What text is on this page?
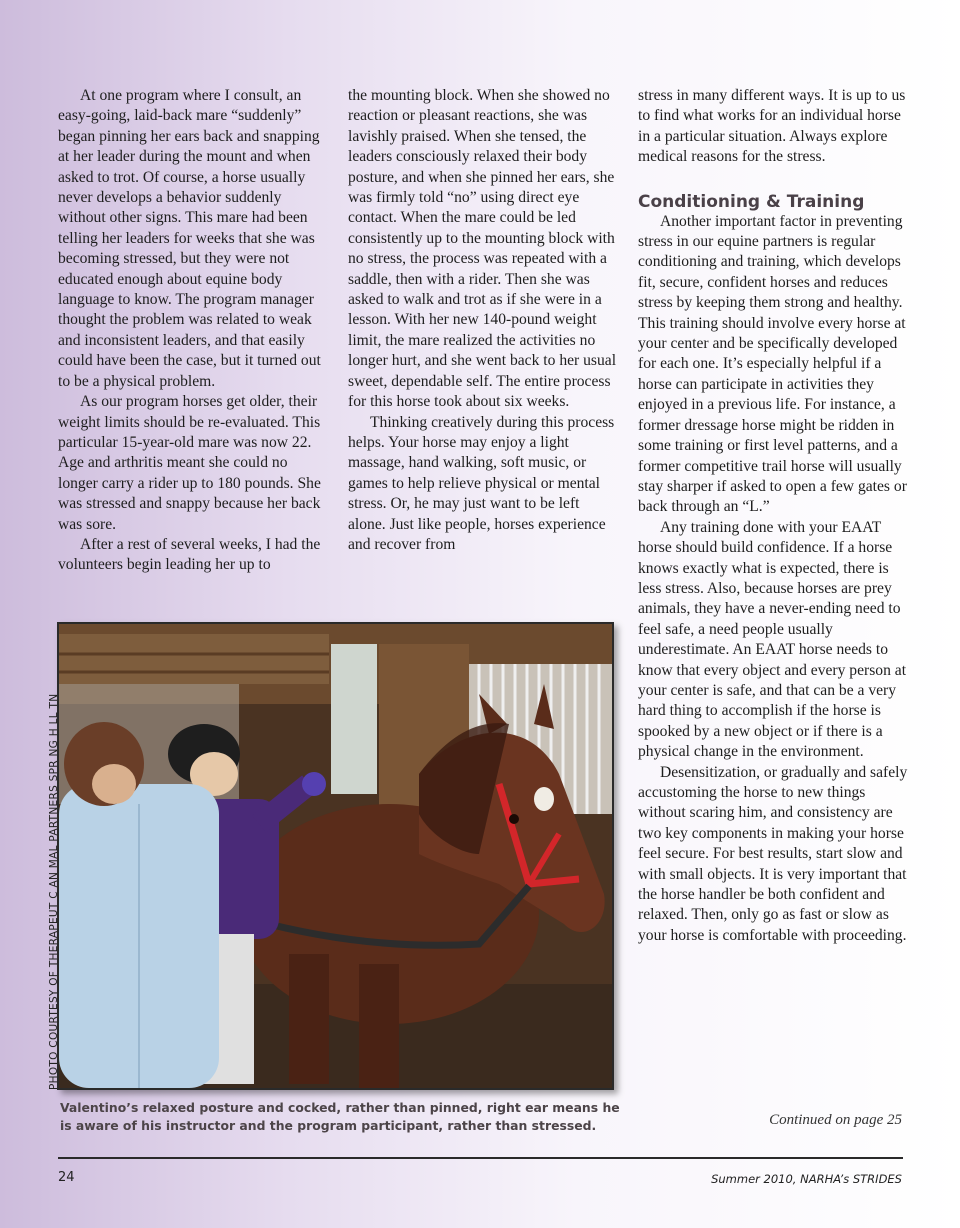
At one program where I consult, an easy-going, laid-back mare “suddenly” began pinning her ears back and snapping at her leader during the mount and when asked to trot. Of course, a horse usually never develops a behavior suddenly without other signs. This mare had been telling her leaders for weeks that she was becoming stressed, but they were not educated enough about equine body language to know. The program manager thought the problem was related to weak and inconsistent leaders, and that easily could have been the case, but it turned out to be a physical problem.

As our program horses get older, their weight limits should be re-evaluated. This particular 15-year-old mare was now 22. Age and arthritis meant she could no longer carry a rider up to 180 pounds. She was stressed and snappy because her back was sore.

After a rest of several weeks, I had the volunteers begin leading her up to

the mounting block. When she showed no reaction or pleasant reactions, she was lavishly praised. When she tensed, the leaders consciously relaxed their body posture, and when she pinned her ears, she was firmly told “no” using direct eye contact. When the mare could be led consistently up to the mounting block with no stress, the process was repeated with a saddle, then with a rider. Then she was asked to walk and trot as if she were in a lesson. With her new 140-pound weight limit, the mare realized the activities no longer hurt, and she went back to her usual sweet, dependable self. The entire process for this horse took about six weeks.

Thinking creatively during this process helps. Your horse may enjoy a light massage, hand walking, soft music, or games to help relieve physical or mental stress. Or, he may just want to be left alone. Just like people, horses experience and recover from

stress in many different ways. It is up to us to find what works for an individual horse in a particular situation. Always explore medical reasons for the stress.

Conditioning & Training

Another important factor in preventing stress in our equine partners is regular conditioning and training, which develops fit, secure, confident horses and reduces stress by keeping them strong and healthy. This training should involve every horse at your center and be specifically developed for each one. It’s especially helpful if a horse can participate in activities they enjoyed in a previous life. For instance, a former dressage horse might be ridden in some training or first level patterns, and a former competitive trail horse will usually stay sharper if asked to open a few gates or back through an “L.”

Any training done with your EAAT horse should build confidence. If a horse knows exactly what is expected, there is less stress. Also, because horses are prey animals, they have a never-ending need to feel safe, a need people usually underestimate. An EAAT horse needs to know that every object and every person at your center is safe, and that can be a very hard thing to accomplish if the horse is spooked by a new object or if there is a physical change in the environment.

Desensitization, or gradually and safely accustoming the horse to new things without scaring him, and consistency are two key components in making your horse feel secure. For best results, start slow and with small objects. It is very important that the horse handler be both confident and relaxed. Then, only go as fast or slow as your horse is comfortable with proceeding.

PHOTO COURTESY OF THERAPEUT C AN MAL PARTNERS SPR NG H LL TN
Valentino’s relaxed posture and cocked, rather than pinned, right ear means he is aware of his instructor and the program participant, rather than stressed.	Continued on page 25
24	Summer 2010, NARHA’s STRIDES
